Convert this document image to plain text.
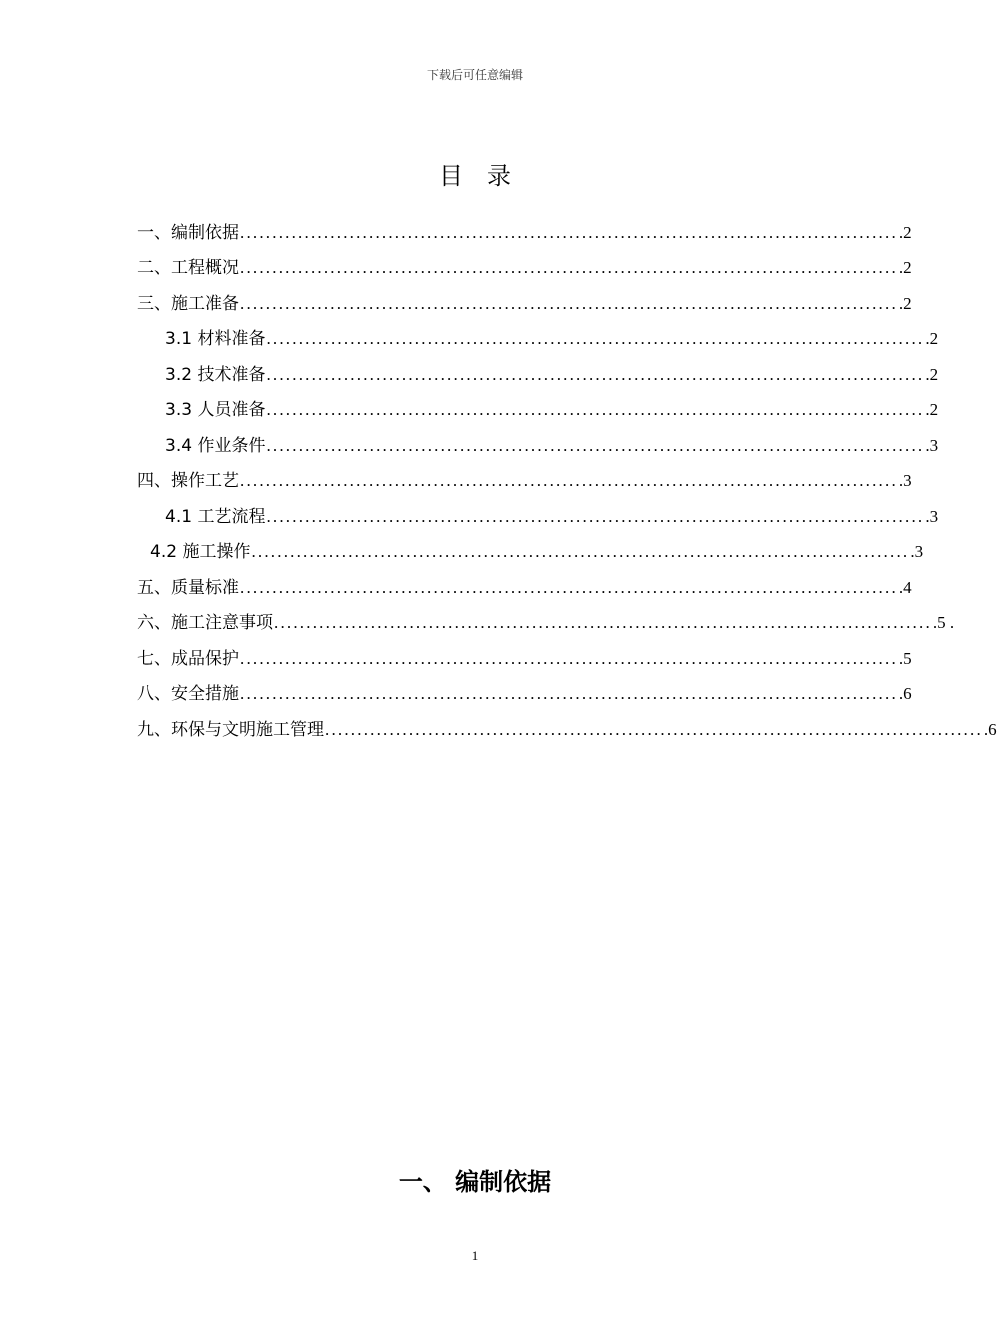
下载后可任意编辑
目录
一、 编制依据 ...................................................................................................... .2
二、 工程概况 ...................................................................................................... .2
三、 施工准备 ...................................................................................................... .2
3.1
材料准备 ...................................................................................................... .2
3.2
技术准备 ...................................................................................................... .2
3.3
人员准备 ...................................................................................................... .2
3.4
作业条件 ...................................................................................................... .3
四、 操作工艺 ...................................................................................................... .3
4.1
工艺流程 ...................................................................................................... .3
4.2
施工操作 ...................................................................................................... .3
五、 质量标准 ...................................................................................................... .4
六、 施工注意事项 ...................................................................................................... .5 .
七、 成品保护 ...................................................................................................... .5
八、 安全措施 ...................................................................................................... .6
九、 环保与文明施工管理 ...................................................................................................... .6
一、 编制依据
1
